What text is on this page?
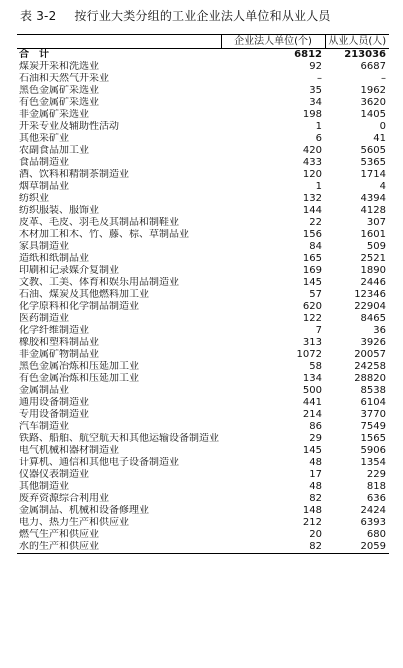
表 3-2 按行业大类分组的工业企业法人单位和从业人员
	企业法人单位(个)	从业人员(人)
合　计	6812	213036
煤炭开采和洗选业	92	6687
石油和天然气开采业	–	–
黑色金属矿采选业	35	1962
有色金属矿采选业	34	3620
非金属矿采选业	198	1405
开采专业及辅助性活动	1	0
其他采矿业	6	41
农副食品加工业	420	5605
食品制造业	433	5365
酒、饮料和精制茶制造业	120	1714
烟草制品业	1	4
纺织业	132	4394
纺织服装、服饰业	144	4128
皮革、毛皮、羽毛及其制品和制鞋业	22	307
木材加工和木、竹、藤、棕、草制品业	156	1601
家具制造业	84	509
造纸和纸制品业	165	2521
印刷和记录媒介复制业	169	1890
文教、工美、体育和娱乐用品制造业	145	2446
石油、煤炭及其他燃料加工业	57	12346
化学原料和化学制品制造业	620	22904
医药制造业	122	8465
化学纤维制造业	7	36
橡胶和塑料制品业	313	3926
非金属矿物制品业	1072	20057
黑色金属冶炼和压延加工业	58	24258
有色金属冶炼和压延加工业	134	28820
金属制品业	500	8538
通用设备制造业	441	6104
专用设备制造业	214	3770
汽车制造业	86	7549
铁路、船舶、航空航天和其他运输设备制造业	29	1565
电气机械和器材制造业	145	5906
计算机、通信和其他电子设备制造业	48	1354
仪器仪表制造业	17	229
其他制造业	48	818
废弃资源综合利用业	82	636
金属制品、机械和设备修理业	148	2424
电力、热力生产和供应业	212	6393
燃气生产和供应业	20	680
水的生产和供应业	82	2059
